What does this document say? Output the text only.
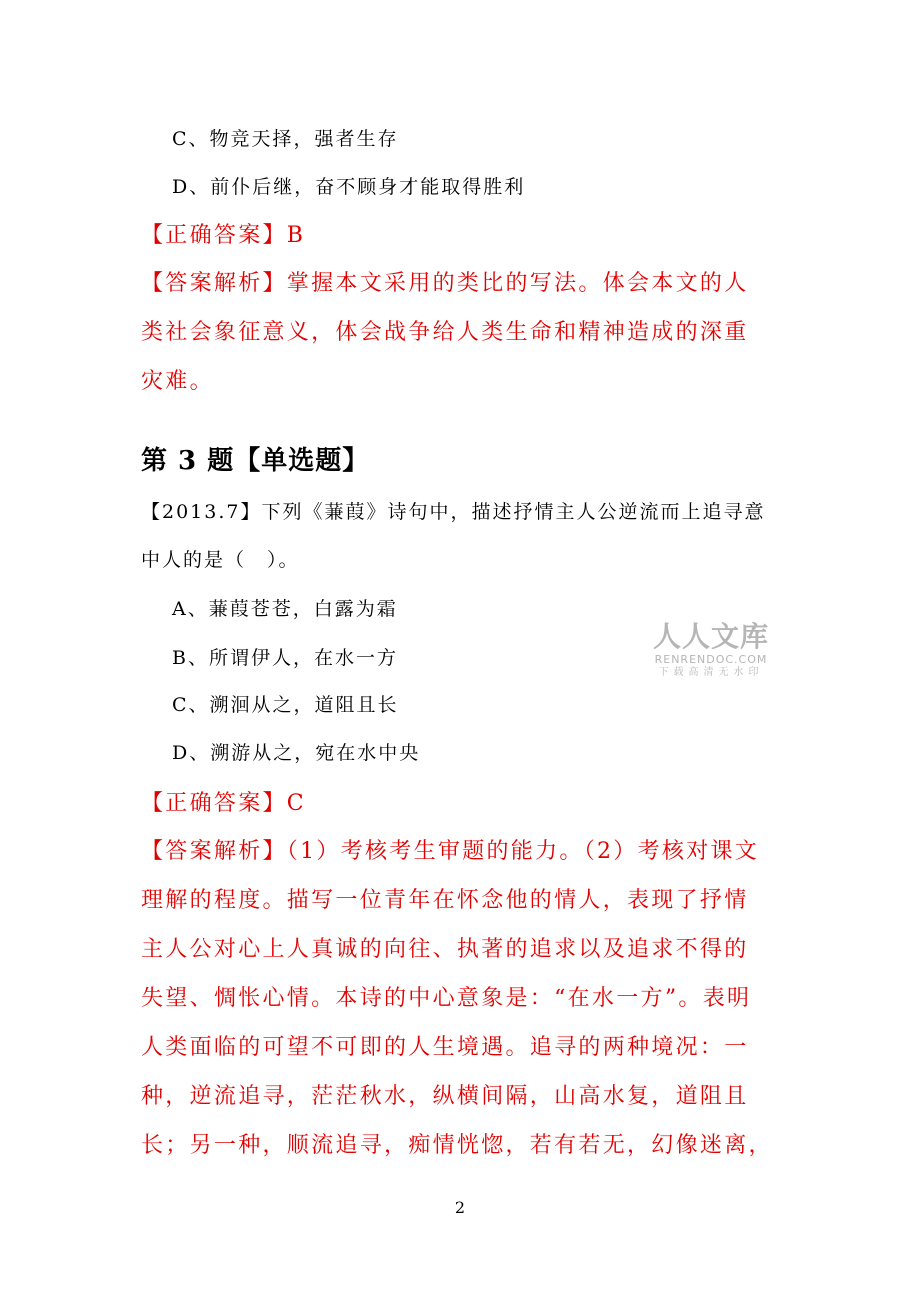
C、物竞天择，强者生存
D、前仆后继，奋不顾身才能取得胜利
【正确答案】B
【答案解析】掌握本文采用的类比的写法。体会本文的人
类社会象征意义，体会战争给人类生命和精神造成的深重
灾难。
第 3 题【单选题】
【2013.7】下列《蒹葭》诗句中，描述抒情主人公逆流而上追寻意
中人的是（　）。
A、蒹葭苍苍，白露为霜
B、所谓伊人，在水一方
C、溯洄从之，道阻且长
D、溯游从之，宛在水中央
【正确答案】C
【答案解析】（1）考核考生审题的能力。（2）考核对课文
理解的程度。描写一位青年在怀念他的情人，表现了抒情
主人公对心上人真诚的向往、执著的追求以及追求不得的
失望、惆怅心情。本诗的中心意象是：“在水一方”。表明
人类面临的可望不可即的人生境遇。追寻的两种境况：一
种，逆流追寻，茫茫秋水，纵横间隔，山高水复，道阻且
长；另一种，顺流追寻，痴情恍惚，若有若无，幻像迷离，
人人文库
RENRENDOC.COM
下载高清无水印
2
